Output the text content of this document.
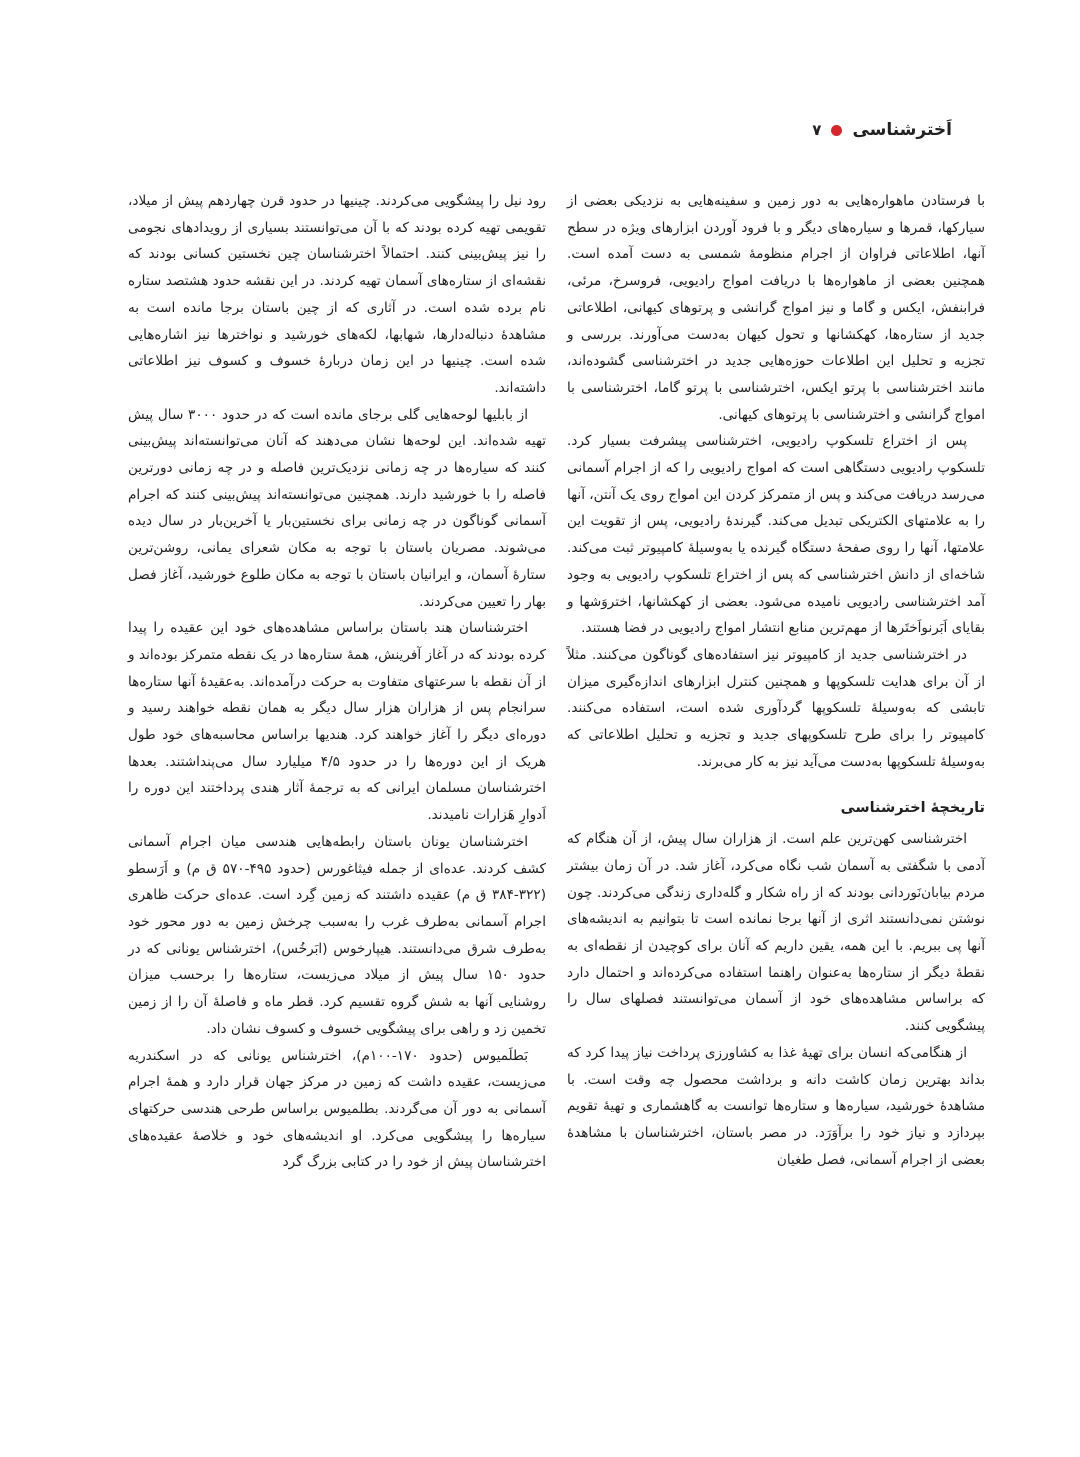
اَخترشناسی
۷

با فرستادن ماهواره‌هایی به دور زمین و سفینه‌هایی به نزدیکی بعضی از سیارکها، قمرها و سیاره‌های دیگر و با فرود آوردن ابزارهای ویژه در سطح آنها، اطلاعاتی فراوان از اجرام منظومهٔ شمسی به دست آمده است. همچنین بعضی از ماهواره‌ها با دریافت امواج رادیویی، فروسرخ، مرئی، فرابنفش، ایکس و گاما و نیز امواج گرانشی و پرتوهای کیهانی، اطلاعاتی جدید از ستاره‌ها، کهکشانها و تحول کیهان به‌دست می‌آورند. بررسی و تجزیه و تحلیل این اطلاعات حوزه‌هایی جدید در اخترشناسی گشوده‌اند، مانند اخترشناسی با پرتو ایکس، اخترشناسی با پرتو گاما، اخترشناسی با امواج گرانشی و اخترشناسی با پرتوهای کیهانی.

پس از اختراع تلسکوپ رادیویی، اخترشناسی پیشرفت بسیار کرد. تلسکوپ رادیویی دستگاهی است که امواج رادیویی را که از اجرام آسمانی می‌رسد دریافت می‌کند و پس از متمرکز کردن این امواج روی یک آنتن، آنها را به علامتهای الکتریکی تبدیل می‌کند. گیرندهٔ رادیویی، پس از تقویت این علامتها، آنها را روی صفحهٔ دستگاه گیرنده یا به‌وسیلهٔ کامپیوتر ثبت می‌کند. شاخه‌ای از دانش اخترشناسی که پس از اختراع تلسکوپ رادیویی به وجود آمد اخترشناسی رادیویی نامیده می‌شود. بعضی از کهکشانها، اختروَشها و بقایای اَبَرنواَختَرها از مهم‌ترین منابع انتشار امواج رادیویی در فضا هستند.

در اخترشناسی جدید از کامپیوتر نیز استفاده‌های گوناگون می‌کنند. مثلاً از آن برای هدایت تلسکوپها و همچنین کنترل ابزارهای اندازه‌گیری میزان تابشی که به‌وسیلهٔ تلسکوپها گردآوری شده است، استفاده می‌کنند. کامپیوتر را برای طرح تلسکوپهای جدید و تجزیه و تحلیل اطلاعاتی که به‌وسیلهٔ تلسکوپها به‌دست می‌آید نیز به کار می‌برند.

تاریخچهٔ اخترشناسی

اخترشناسی کهن‌ترین علم است. از هزاران سال پیش، از آن هنگام که آدمی با شگفتی به آسمان شب نگاه می‌کرد، آغاز شد. در آن زمان بیشتر مردم بیابان‌نَوردانی بودند که از راه شکار و گله‌داری زندگی می‌کردند. چون نوشتن نمی‌دانستند اثری از آنها برجا نمانده است تا بتوانیم به اندیشه‌های آنها پی ببریم. با این همه، یقین داریم که آنان برای کوچیدن از نقطه‌ای به نقطهٔ دیگر از ستاره‌ها به‌عنوان راهنما استفاده می‌کرده‌اند و احتمال دارد که براساس مشاهده‌های خود از آسمان می‌توانستند فصلهای سال را پیشگویی کنند.

از هنگامی‌که انسان برای تهیهٔ غذا به کشاورزی پرداخت نیاز پیدا کرد که بداند بهترین زمان کاشت دانه و برداشت محصول چه وقت است. با مشاهدهٔ خورشید، سیاره‌ها و ستاره‌ها توانست به گاهشماری و تهیهٔ تقویم بپردازد و نیاز خود را برآوَرَد. در مصر باستان، اخترشناسان با مشاهدهٔ بعضی از اجرام آسمانی، فصل طغیان

رود نیل را پیشگویی می‌کردند. چینیها در حدود قرن چهاردهم پیش از میلاد، تقویمی تهیه کرده بودند که با آن می‌توانستند بسیاری از رویدادهای نجومی را نیز پیش‌بینی کنند. احتمالاً اخترشناسان چین نخستین کسانی بودند که نقشه‌ای از ستاره‌های آسمان تهیه کردند. در این نقشه حدود هشتصد ستاره نام برده شده است. در آثاری که از چین باستان برجا مانده است به مشاهدهٔ دنباله‌دارها، شهابها، لکه‌های خورشید و نواخترها نیز اشاره‌هایی شده است. چینیها در این زمان دربارهٔ خسوف و کسوف نیز اطلاعاتی داشته‌اند.

از بابلیها لوحه‌هایی گلی برجای مانده است که در حدود ۳۰۰۰ سال پیش تهیه شده‌اند. این لوحه‌ها نشان می‌دهند که آنان می‌توانسته‌اند پیش‌بینی کنند که سیاره‌ها در چه زمانی نزدیک‌ترین فاصله و در چه زمانی دورترین فاصله را با خورشید دارند. همچنین می‌توانسته‌اند پیش‌بینی کنند که اجرام آسمانی گوناگون در چه زمانی برای نخستین‌بار یا آخرین‌بار در سال دیده می‌شوند. مصریان باستان با توجه به مکان شعرای یمانی، روشن‌ترین ستارهٔ آسمان، و ایرانیان باستان با توجه به مکان طلوع خورشید، آغاز فصل بهار را تعیین می‌کردند.

اخترشناسان هند باستان براساس مشاهده‌های خود این عقیده را پیدا کرده بودند که در آغاز آفرینش، همهٔ ستاره‌ها در یک نقطه متمرکز بوده‌اند و از آن نقطه با سرعتهای متفاوت به حرکت درآمده‌اند. به‌عقیدهٔ آنها ستاره‌ها سرانجام پس از هزاران هزار سال دیگر به همان نقطه خواهند رسید و دوره‌ای دیگر را آغاز خواهند کرد. هندیها براساس محاسبه‌های خود طول هریک از این دوره‌ها را در حدود ۴/۵ میلیارد سال می‌پنداشتند. بعدها اخترشناسان مسلمان ایرانی که به ترجمهٔ آثار هندی پرداختند این دوره را اَدوارِ هَزارات نامیدند.

اخترشناسان یونان باستان رابطه‌هایی هندسی میان اجرام آسمانی کشف کردند. عده‌ای از جمله فیثاغورس (حدود ۴۹۵-۵۷۰ ق م) و اَرَسطو (۳۲۲-۳۸۴ ق م) عقیده داشتند که زمین گِرد است. عده‌ای حرکت ظاهری اجرام آسمانی به‌طرف غرب را به‌سبب چرخش زمین به دور محور خود به‌طرف شرق می‌دانستند. هیپارخوس (ابَرخُس)، اخترشناس یونانی که در حدود ۱۵۰ سال پیش از میلاد می‌زیست، ستاره‌ها را برحسب میزان روشنایی آنها به شش گروه تقسیم کرد. قطر ماه و فاصلهٔ آن را از زمین تخمین زد و راهی برای پیشگویی خسوف و کسوف نشان داد.

بَطلَمیوس (حدود ۱۷۰-۱۰۰م)، اخترشناس یونانی که در اسکندریه می‌زیست، عقیده داشت که زمین در مرکز جهان قرار دارد و همهٔ اجرام آسمانی به دور آن می‌گردند. بطلمیوس براساس طرحی هندسی حرکتهای سیاره‌ها را پیشگویی می‌کرد. او اندیشه‌های خود و خلاصهٔ عقیده‌های اخترشناسان پیش از خود را در کتابی بزرگ گرد
